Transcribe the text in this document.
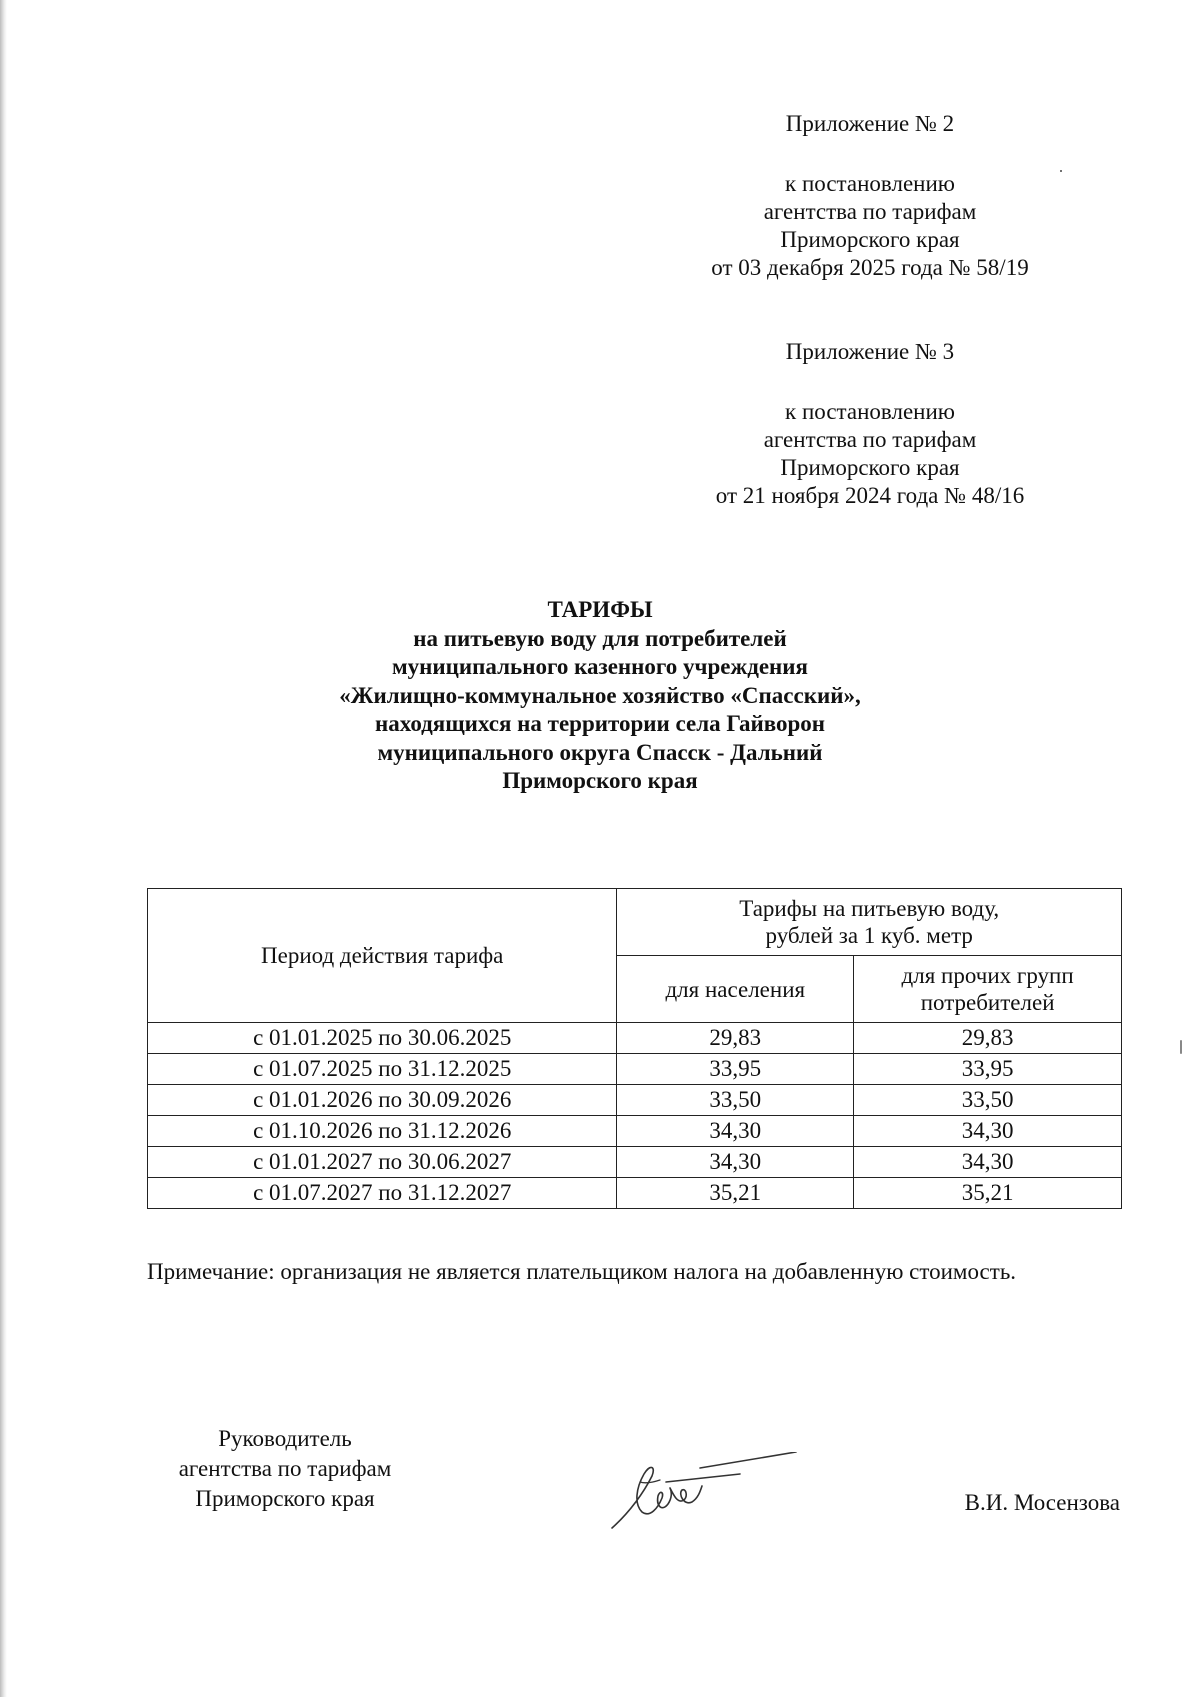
Приложение № 2

к постановлению

агентства по тарифам

Приморского края

от 03 декабря 2025 года № 58/19

Приложение № 3

к постановлению

агентства по тарифам

Приморского края

от 21 ноября 2024 года № 48/16

ТАРИФЫ

на питьевую воду для потребителей

муниципального казенного учреждения

«Жилищно-коммунальное хозяйство «Спасский»,

находящихся на территории села Гайворон

муниципального округа Спасск - Дальний

Приморского края

Период действия тарифа	Тарифы на питьевую воду,
рублей за 1 куб. метр	
	для населения	для прочих групп
потребителей
с 01.01.2025 по 30.06.2025	29,83	29,83
с 01.07.2025 по 31.12.2025	33,95	33,95
с 01.01.2026 по 30.09.2026	33,50	33,50
с 01.10.2026 по 31.12.2026	34,30	34,30
с 01.01.2027 по 30.06.2027	34,30	34,30
с 01.07.2027 по 31.12.2027	35,21	35,21
Примечание: организация не является плательщиком налога на добавленную стоимость.

Руководитель

агентства по тарифам

Приморского края	В.И. Мосензова
